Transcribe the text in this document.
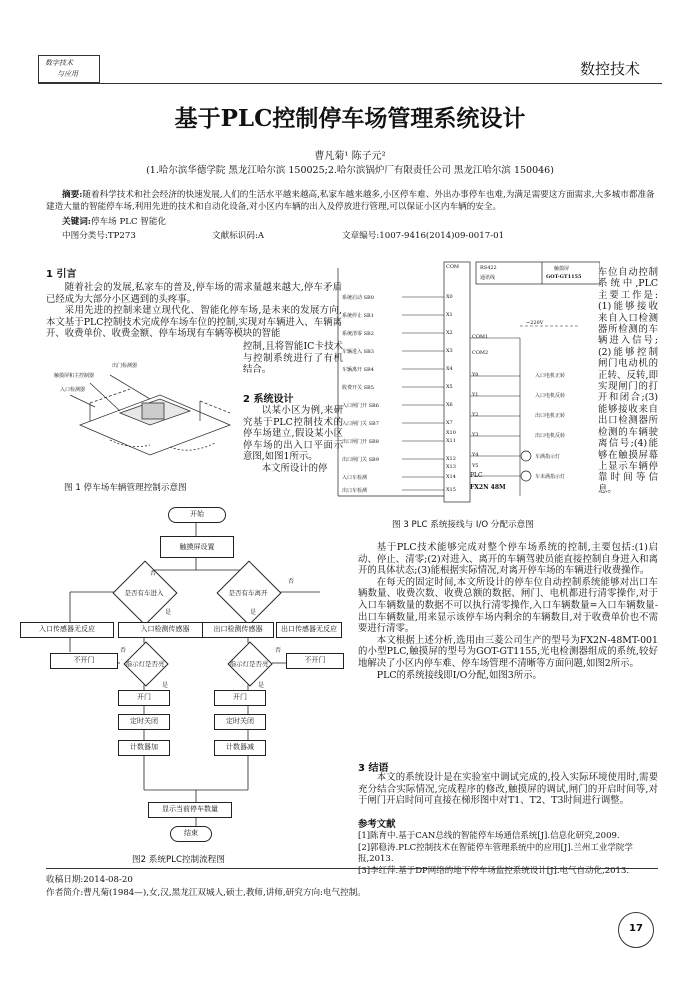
数字技术
与应用	数控技术
基于PLC控制停车场管理系统设计
曹凡菊¹ 陈子元²
(1.哈尔滨华德学院 黑龙江哈尔滨 150025;2.哈尔滨锅炉厂有限责任公司 黑龙江哈尔滨 150046)
摘要:随着科学技术和社会经济的快速发展,人们的生活水平越来越高,私家车越来越多,小区停车难、外出办事停车也难,为满足需要这方面需求,大多城市都准备建造大量的智能停车场,利用先进的技术和自动化设备,对小区内车辆的出入及停放进行管理,可以保证小区内车辆的安全。
关键词:停车场 PLC 智能化
中图分类号:TP273	文献标识码:A	文章编号:1007-9416(2014)09-0017-01
1 引言

随着社会的发展,私家车的普及,停车场的需求量越来越大,停车矛盾已经成为大部分小区遇到的头疼事。

采用先进的控制来建立现代化、智能化停车场,是未来的发展方向,本文基于PLC控制技术完成停车场车位的控制,实现对车辆进入、车辆离开、收费单价、收费金额、停车场现有车辆等模块的智能

控制,且将智能IC卡技术与控制系统进行了有机结合。

2 系统设计

以某小区为例,来研究基于PLC控制技术的停车场建立,假设某小区停车场的出入口平面示意图,如图1所示。

本文所设计的停

出门检测器
触摸屏和主控制器
入口检测器
图 1 停车场车辆管理控制示意图
开始
触摸屏设置
是否有车进入	是否有车离开
否
否
是	是
入口传感器无反应	入口检测传感器	出口检测传感器	出口传感器无反应
不开门	不开门
指示灯是否亮	指示灯是否亮
否	否
是	是
开门	开门
定时关闭	定时关闭
计数器加	计数器减
显示当前停车数量
结束
图2 系统PLC控制流程图
系统启动 SB0
系统停止 SB1
系统清零 SB2
车辆进入 SB3
车辆离开 SB4
收费开关 SB5
入口闸门开 SB6
入口闸门关 SB7
出口闸门开 SB8
出口闸门关 SB9
入口车检测
出口车检测
COM
X0
X1
X2
X3
X4
X5
X6
X7
X10
X11
X12
X13
X14
X15
PLC
FX2N 48M
RS422
通讯线
触摸屏
GOT-GT1155
~220V
COM1
COM2
Y0
Y1
Y2
Y3
Y4
Y5
入口电机正转
入口电机反转
出口电机正转
出口电机反转
车满指示灯
车未满指示灯
图 3 PLC 系统接线与 I/O 分配示意图

车位自动控制系统中,PLC主要工作是:(1)能够接收来自入口检测器所检测的车辆进入信号;(2)能够控制闸门电动机的正转、反转,即实现闸门的打开和闭合;(3)能够接收来自出口检测器所检测的车辆驶离信号;(4)能够在触摸屏幕上显示车辆停靠时间等信息。

基于PLC技术能够完成对整个停车场系统的控制,主要包括:(1)启动、停止、清零;(2)对进入、离开的车辆驾驶员能直接控制自身进入和离开的具体状态;(3)能根据实际情况,对离开停车场的车辆进行收费操作。

在每天的固定时间,本文所设计的停车位自动控制系统能够对出口车辆数量、收费次数、收费总额的数据、闸门、电机都进行清零操作,对于入口车辆数量的数据不可以执行清零操作,入口车辆数量=入口车辆数量-出口车辆数量,用来显示该停车场内剩余的车辆数目,对于收费单价也不需要进行清零。

本文根据上述分析,选用由三菱公司生产的型号为FX2N-48MT-001的小型PLC,触摸屏的型号为GOT-GT1155,光电检测器组成的系统,较好地解决了小区内停车难、停车场管理不清晰等方面问题,如图2所示。

PLC的系统接线即I/O分配,如图3所示。

3 结语

本文的系统设计是在实验室中调试完成的,投入实际环境使用时,需要充分结合实际情况,完成程序的修改,触摸屏的调试,闸门的开启时间等,对于闸门开启时间可直接在梯形图中对T1、T2、T3时间进行调整。

参考文献
[1]陈育中.基于CAN总线的智能停车场通信系统[J].信息化研究,2009.
[2]郭稳涛.PLC控制技术在智能停车管理系统中的应用[J].兰州工业学院学报,2013.
[3]李红萍.基于DP网络的地下停车场监控系统设计[J].电气自动化,2013.
收稿日期:2014-08-20
作者简介:曹凡菊(1984—),女,汉,黑龙江双城人,硕士,教师,讲师,研究方向:电气控制。
17
